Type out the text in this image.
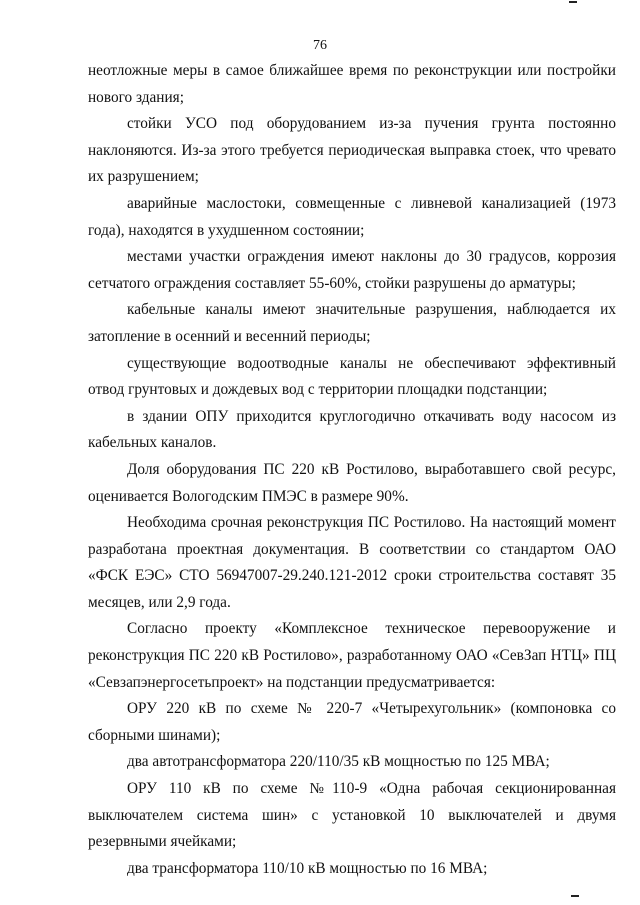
76

неотложные меры в самое ближайшее время по реконструкции или постройки нового здания;

стойки УСО под оборудованием из-за пучения грунта постоянно наклоняются. Из-за этого требуется периодическая выправка стоек, что чревато их разрушением;

аварийные маслостоки, совмещенные с ливневой канализацией (1973 года), находятся в ухудшенном состоянии;

местами участки ограждения имеют наклоны до 30 градусов, коррозия сетчатого ограждения составляет 55-60%, стойки разрушены до арматуры;

кабельные каналы имеют значительные разрушения, наблюдается их затопление в осенний и весенний периоды;

существующие водоотводные каналы не обеспечивают эффективный отвод грунтовых и дождевых вод с территории площадки подстанции;

в здании ОПУ приходится круглогодично откачивать воду насосом из кабельных каналов.

Доля оборудования ПС 220 кВ Ростилово, выработавшего свой ресурс, оценивается Вологодским ПМЭС в размере 90%.

Необходима срочная реконструкция ПС Ростилово. На настоящий момент разработана проектная документация. В соответствии со стандартом ОАО «ФСК ЕЭС» СТО 56947007-29.240.121-2012 сроки строительства составят 35 месяцев, или 2,9 года.

Согласно проекту «Комплексное техническое перевооружение и реконструкция ПС 220 кВ Ростилово», разработанному ОАО «СевЗап НТЦ» ПЦ «Севзапэнергосетьпроект» на подстанции предусматривается:

ОРУ 220 кВ по схеме № 220-7 «Четырехугольник» (компоновка со сборными шинами);

два автотрансформатора 220/110/35 кВ мощностью по 125 МВА;

ОРУ 110 кВ по схеме №110-9 «Одна рабочая секционированная выключателем система шин» с установкой 10 выключателей и двумя резервными ячейками;

два трансформатора 110/10 кВ мощностью по 16 МВА;
